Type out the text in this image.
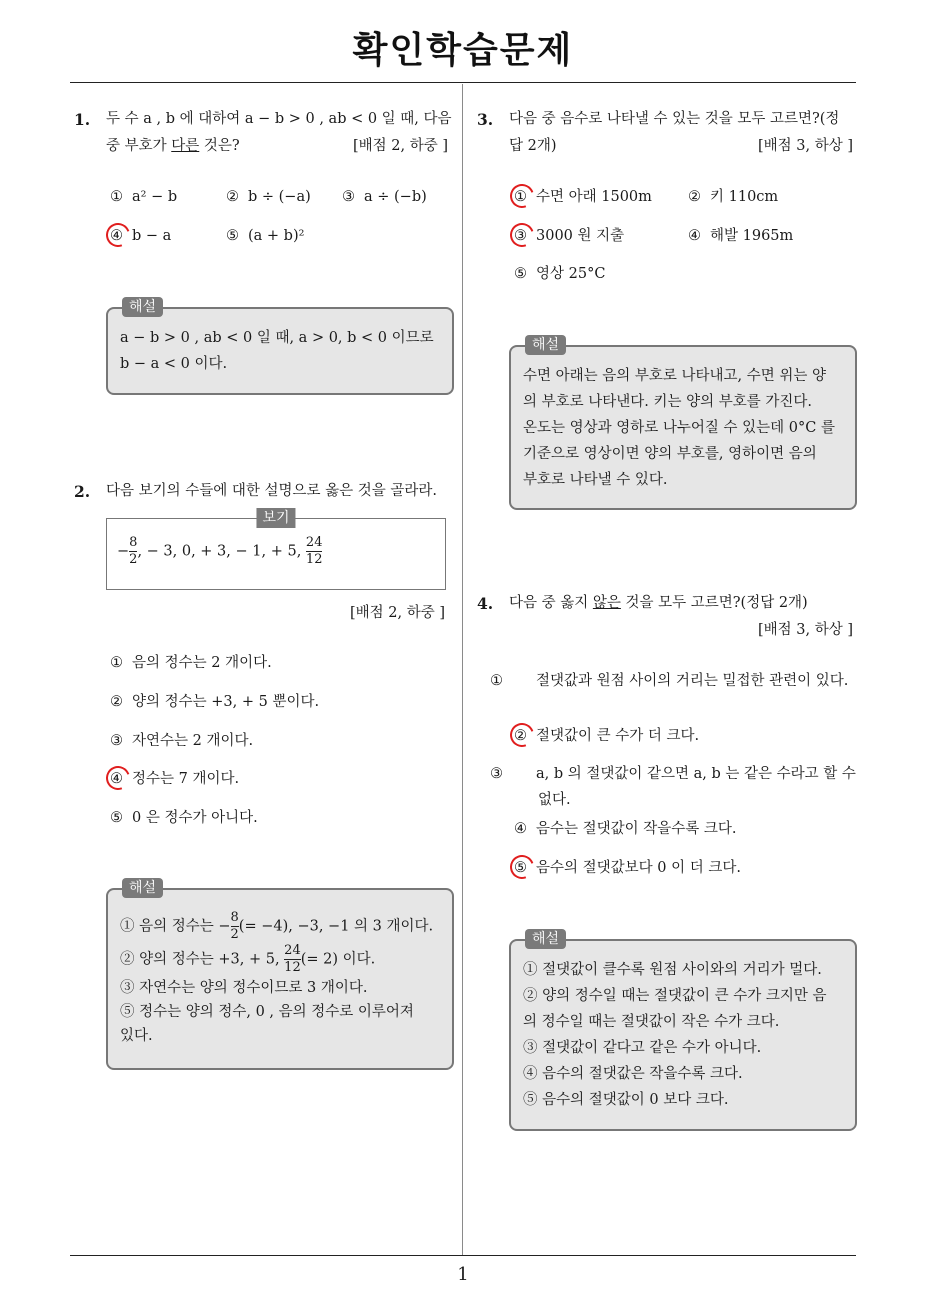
확인학습문제
1
1. 두 수 a , b 에 대하여 a − b > 0 , ab < 0 일 때, 다음
중 부호가 다른 것은?	[배점 2, 하중 ]
① a² − b	② b ÷ (−a) ③ a ÷ (−b)
④ b − a	⑤ (a + b)²
해설
a − b > 0 , ab < 0 일 때, a > 0, b < 0 이므로
b − a < 0 이다.
2. 다음 보기의 수들에 대한 설명으로 옳은 것을 골라라.
보기
− $\frac{8}{2}$ , − 3, 0, + 3, − 1, + 5, $\frac{24}{12}$
[배점 2, 하중 ]
① 음의 정수는 2 개이다.
② 양의 정수는 +3, + 5 뿐이다.
③ 자연수는 2 개이다.
④ 정수는 7 개이다.
⑤ 0 은 정수가 아니다.
해설
① 음의 정수는 − $\frac{8}{2}$ (= −4), −3, −1 의 3 개이다.
② 양의 정수는 +3, + 5, $\frac{24}{12}$ (= 2) 이다.
③ 자연수는 양의 정수이므로 3 개이다.
⑤ 정수는 양의 정수, 0 , 음의 정수로 이루어져
있다.
3. 다음 중 음수로 나타낼 수 있는 것을 모두 고르면?(정
답 2개)	[배점 3, 하상 ]
① 수면 아래 1500m ② 키 110cm
③ 3000 원 지출	④ 해발 1965m
⑤ 영상 25°C
해설
수면 아래는 음의 부호로 나타내고, 수면 위는 양
의 부호로 나타낸다. 키는 양의 부호를 가진다.
온도는 영상과 영하로 나누어질 수 있는데 0°C 를
기준으로 영상이면 양의 부호를, 영하이면 음의
부호로 나타낼 수 있다.
4. 다음 중 옳지 않은 것을 모두 고르면?(정답 2개)
[배점 3, 하상 ]
① 절댓값과 원점 사이의 거리는 밀접한 관련이 있다.
② 절댓값이 큰 수가 더 크다.
③ a, b 의 절댓값이 같으면 a, b 는 같은 수라고 할 수 없다.
④ 음수는 절댓값이 작을수록 크다.
⑤ 음수의 절댓값보다 0 이 더 크다.
해설
① 절댓값이 클수록 원점 사이와의 거리가 멀다.
② 양의 정수일 때는 절댓값이 큰 수가 크지만 음
의 정수일 때는 절댓값이 작은 수가 크다.
③ 절댓값이 같다고 같은 수가 아니다.
④ 음수의 절댓값은 작을수록 크다.
⑤ 음수의 절댓값이 0 보다 크다.
